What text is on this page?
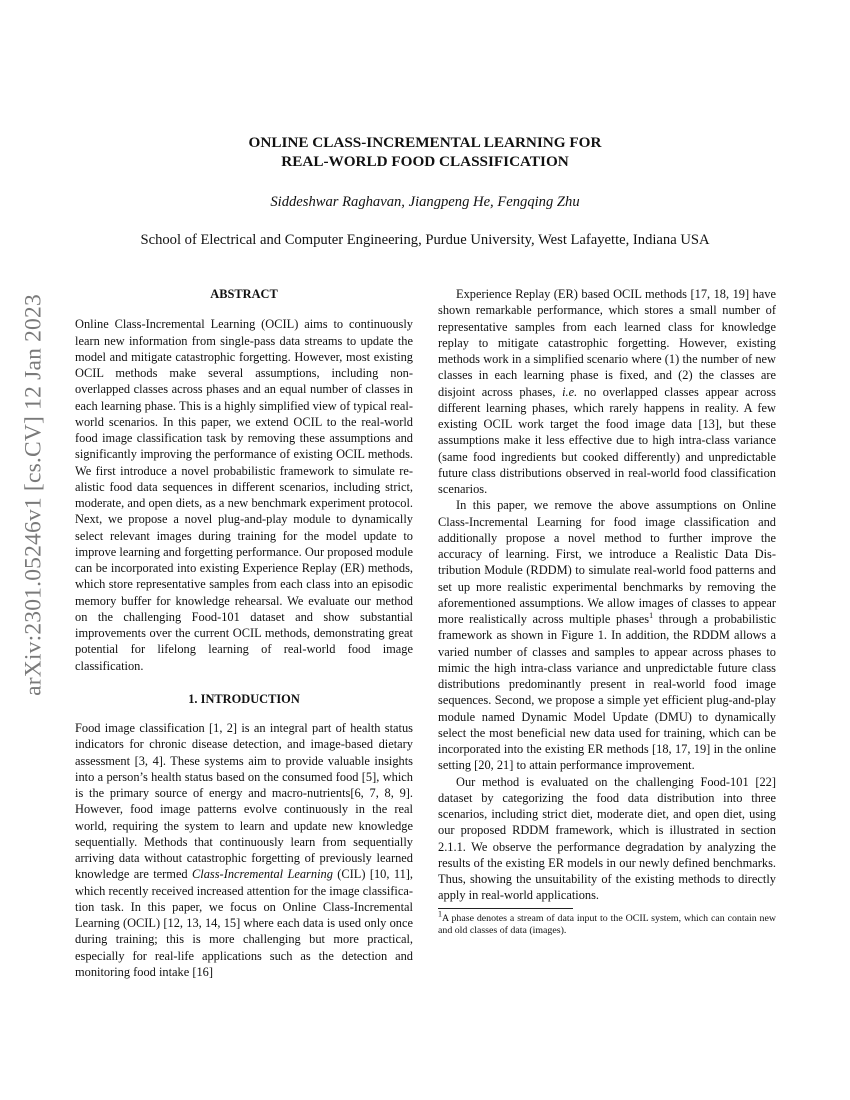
arXiv:2301.05246v1 [cs.CV] 12 Jan 2023
ONLINE CLASS-INCREMENTAL LEARNING FOR
REAL-WORLD FOOD CLASSIFICATION
Siddeshwar Raghavan, Jiangpeng He, Fengqing Zhu
School of Electrical and Computer Engineering, Purdue University, West Lafayette, Indiana USA
ABSTRACT

Online Class-Incremental Learning (OCIL) aims to continuously learn new information from single-pass data streams to update the model and mitigate catastrophic forgetting. However, most existing OCIL methods make several assumptions, including non-overlapped classes across phases and an equal number of classes in each learning phase. This is a highly simplified view of typical real-world scenarios. In this paper, we extend OCIL to the real-world food image classification task by removing these assumptions and significantly improving the performance of existing OCIL methods. We first introduce a novel probabilistic framework to simulate realistic food data sequences in different scenarios, including strict, moderate, and open diets, as a new benchmark experiment protocol. Next, we propose a novel plug-and-play module to dynamically select relevant images during training for the model update to improve learning and forgetting performance. Our proposed module can be incorporated into existing Experience Replay (ER) methods, which store representative samples from each class into an episodic memory buffer for knowledge rehearsal. We evaluate our method on the challenging Food-101 dataset and show substantial improvements over the current OCIL methods, demonstrating great potential for lifelong learning of real-world food image classification.

1. INTRODUCTION

Food image classification [1, 2] is an integral part of health status indicators for chronic disease detection, and image-based dietary assessment [3, 4]. These systems aim to provide valuable insights into a person’s health status based on the consumed food [5], which is the primary source of energy and macro-nutrients[6, 7, 8, 9]. However, food image patterns evolve continuously in the real world, requiring the system to learn and update new knowledge sequentially. Methods that continuously learn from sequentially arriving data without catastrophic forgetting of previously learned knowledge are termed Class-Incremental Learning (CIL) [10, 11], which recently received increased attention for the image classification task. In this paper, we focus on Online Class-Incremental Learning (OCIL) [12, 13, 14, 15] where each data is used only once during training; this is more challenging but more practical, especially for real-life applications such as the detection and monitoring food intake [16]

Experience Replay (ER) based OCIL methods [17, 18, 19] have shown remarkable performance, which stores a small number of representative samples from each learned class for knowledge replay to mitigate catastrophic forgetting. However, existing methods work in a simplified scenario where (1) the number of new classes in each learning phase is fixed, and (2) the classes are disjoint across phases, i.e. no overlapped classes appear across different learning phases, which rarely happens in reality. A few existing OCIL work target the food image data [13], but these assumptions make it less effective due to high intra-class variance (same food ingredients but cooked differently) and unpredictable future class distributions observed in real-world food classification scenarios.

In this paper, we remove the above assumptions on Online Class-Incremental Learning for food image classification and additionally propose a novel method to further improve the accuracy of learning. First, we introduce a Realistic Data Distribution Module (RDDM) to simulate real-world food patterns and set up more realistic experimental benchmarks by removing the aforementioned assumptions. We allow images of classes to appear more realistically across multiple phases$^1$ through a probabilistic framework as shown in Figure 1. In addition, the RDDM allows a varied number of classes and samples to appear across phases to mimic the high intra-class variance and unpredictable future class distributions predominantly present in real-world food image sequences. Second, we propose a simple yet efficient plug-and-play module named Dynamic Model Update (DMU) to dynamically select the most beneficial new data used for training, which can be incorporated into the existing ER methods [18, 17, 19] in the online setting [20, 21] to attain performance improvement.

Our method is evaluated on the challenging Food-101 [22] dataset by categorizing the food data distribution into three scenarios, including strict diet, moderate diet, and open diet, using our proposed RDDM framework, which is illustrated in section 2.1.1. We observe the performance degradation by analyzing the results of the existing ER models in our newly defined benchmarks. Thus, showing the unsuitability of the existing methods to directly apply in real-world applications.

$^1$A phase denotes a stream of data input to the OCIL system, which can contain new and old classes of data (images).
